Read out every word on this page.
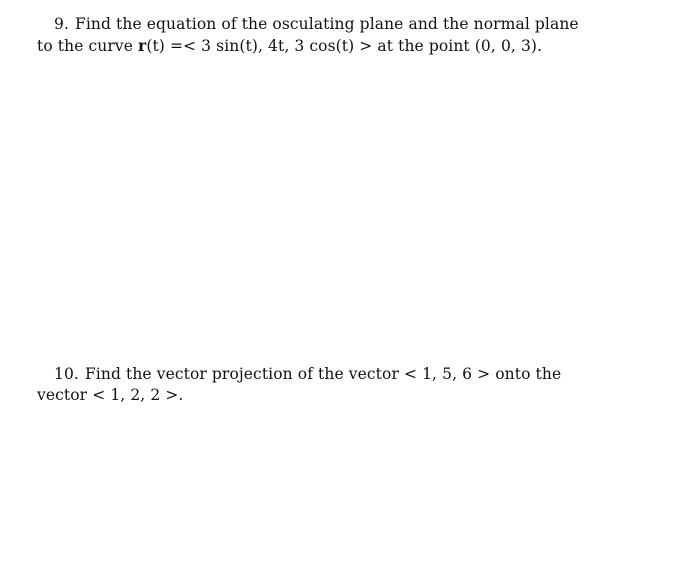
9. Find the equation of the osculating plane and the normal plane
to the curve r(t) =< 3 sin(t), 4t, 3 cos(t) > at the point (0, 0, 3).
10. Find the vector projection of the vector < 1, 5, 6 > onto the
vector < 1, 2, 2 >.
